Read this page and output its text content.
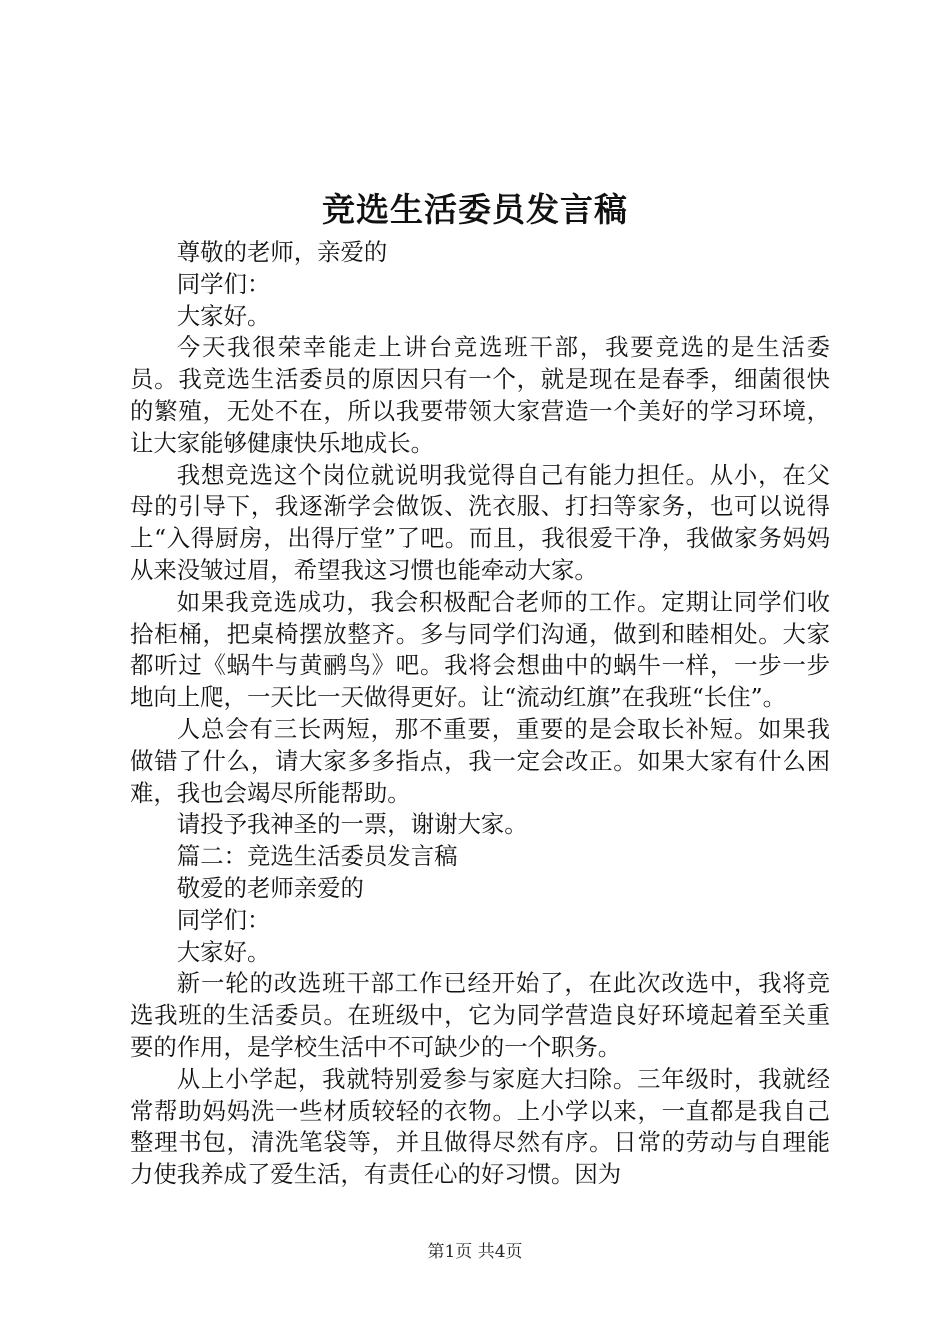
竞选生活委员发言稿

尊敬的老师，亲爱的

同学们：

大家好。

今天我很荣幸能走上讲台竞选班干部，我要竞选的是生活委员。我竞选生活委员的原因只有一个，就是现在是春季，细菌很快的繁殖，无处不在，所以我要带领大家营造一个美好的学习环境，让大家能够健康快乐地成长。

我想竞选这个岗位就说明我觉得自己有能力担任。从小，在父母的引导下，我逐渐学会做饭、洗衣服、打扫等家务，也可以说得上“入得厨房，出得厅堂”了吧。而且，我很爱干净，我做家务妈妈从来没皱过眉，希望我这习惯也能牵动大家。

如果我竞选成功，我会积极配合老师的工作。定期让同学们收拾柜桶，把桌椅摆放整齐。多与同学们沟通，做到和睦相处。大家都听过《蜗牛与黄鹂鸟》吧。我将会想曲中的蜗牛一样，一步一步地向上爬，一天比一天做得更好。让“流动红旗”在我班“长住”。

人总会有三长两短，那不重要，重要的是会取长补短。如果我做错了什么，请大家多多指点，我一定会改正。如果大家有什么困难，我也会竭尽所能帮助。

请投予我神圣的一票，谢谢大家。

篇二：竞选生活委员发言稿

敬爱的老师亲爱的

同学们：

大家好。

新一轮的改选班干部工作已经开始了，在此次改选中，我将竞选我班的生活委员。在班级中，它为同学营造良好环境起着至关重要的作用，是学校生活中不可缺少的一个职务。

从上小学起，我就特别爱参与家庭大扫除。三年级时，我就经常帮助妈妈洗一些材质较轻的衣物。上小学以来，一直都是我自己整理书包，清洗笔袋等，并且做得尽然有序。日常的劳动与自理能力使我养成了爱生活，有责任心的好习惯。因为

第1页 共4页
